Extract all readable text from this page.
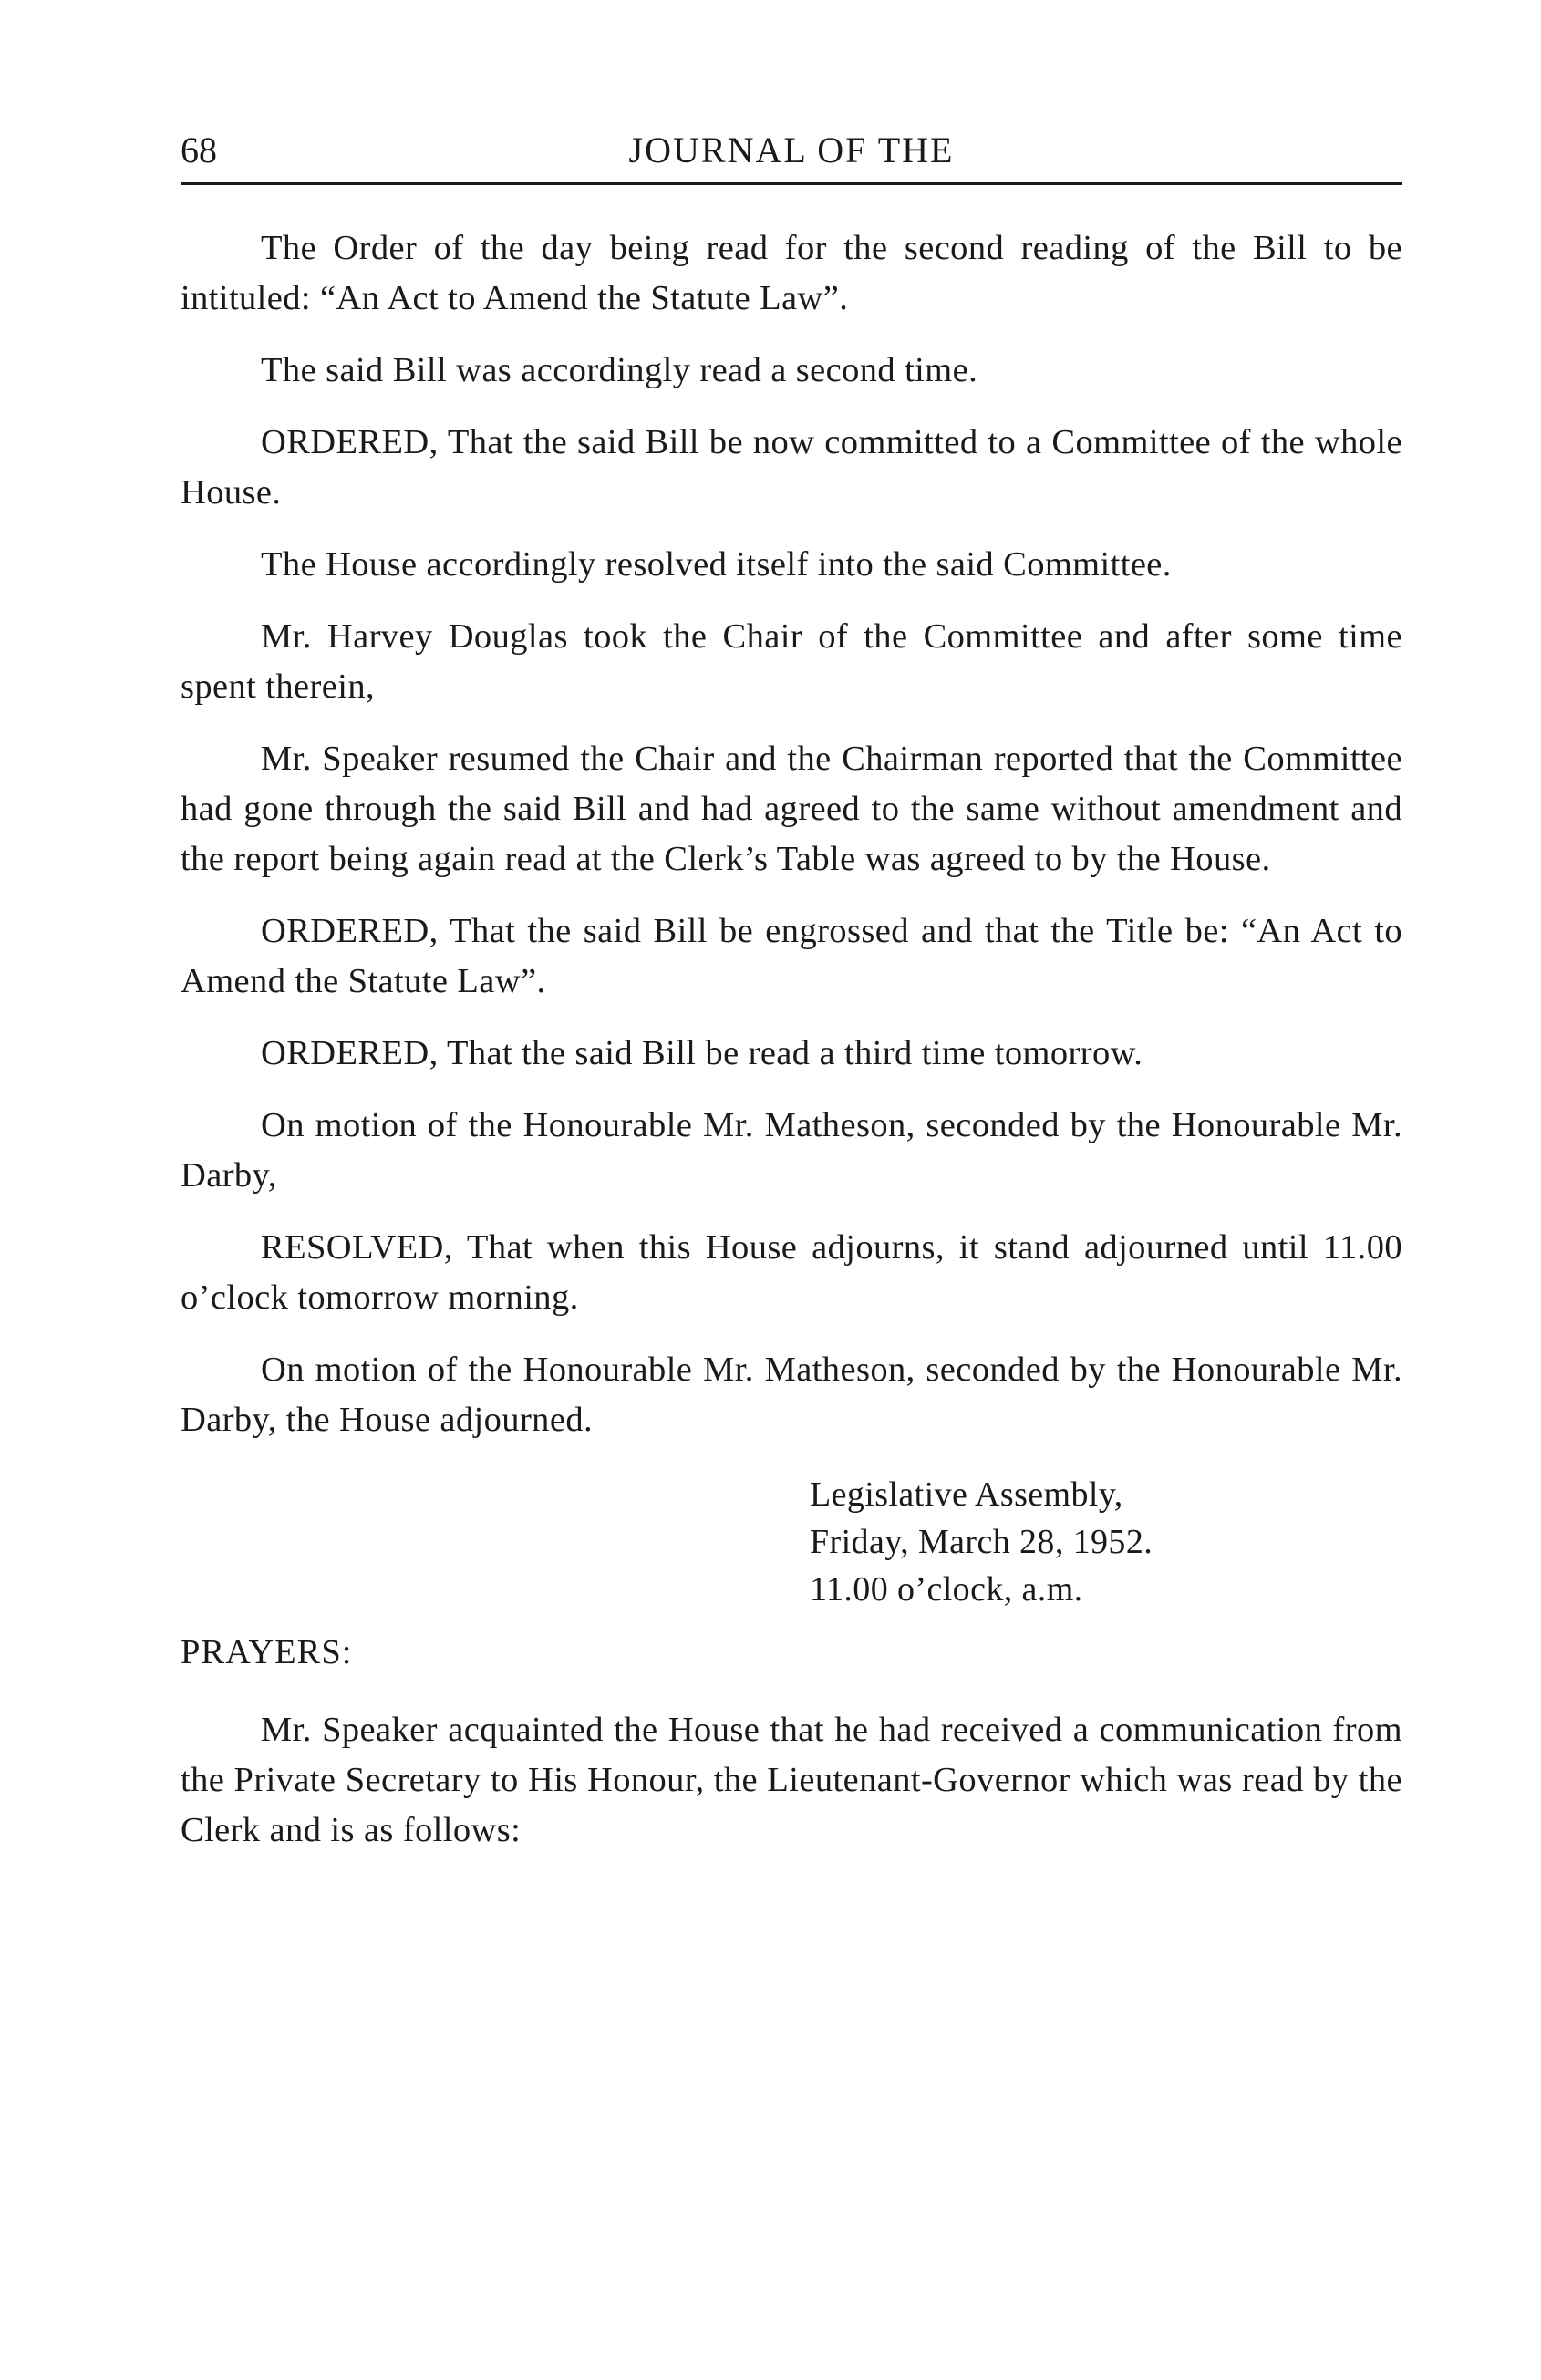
68	JOURNAL OF THE

The Order of the day being read for the second reading of the Bill to be intituled: “An Act to Amend the Statute Law”.

The said Bill was accordingly read a second time.

ORDERED, That the said Bill be now committed to a Committee of the whole House.

The House accordingly resolved itself into the said Committee.

Mr. Harvey Douglas took the Chair of the Committee and after some time spent therein,

Mr. Speaker resumed the Chair and the Chairman reported that the Committee had gone through the said Bill and had agreed to the same without amendment and the report being again read at the Clerk’s Table was agreed to by the House.

ORDERED, That the said Bill be engrossed and that the Title be: “An Act to Amend the Statute Law”.

ORDERED, That the said Bill be read a third time tomorrow.

On motion of the Honourable Mr. Matheson, seconded by the Honourable Mr. Darby,

RESOLVED, That when this House adjourns, it stand adjourned until 11.00 o’clock tomorrow morning.

On motion of the Honourable Mr. Matheson, seconded by the Honourable Mr. Darby, the House adjourned.

Legislative Assembly,
Friday, March 28, 1952.
11.00 o’clock, a.m.
PRAYERS:

Mr. Speaker acquainted the House that he had received a communication from the Private Secretary to His Honour, the Lieutenant-Governor which was read by the Clerk and is as follows:
